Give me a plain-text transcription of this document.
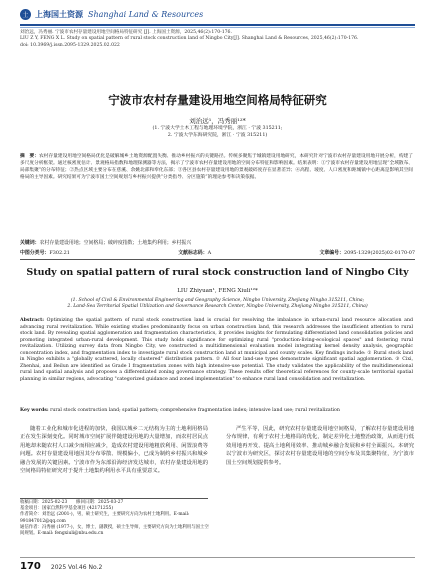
土 上海国土资源 Shanghai Land & Resources
刘治远，冯秀丽. 宁波市农村存量建设用地空间格局特征研究 [J]. 上海国土资源，2025,46(2):170-176.
LIU Z Y, FENG X L. Study on spatial pattern of rural stock construction land of Ningbo City[J]. Shanghai Land & Resources, 2025,46(2):170-176.
doi: 10.3969/j.issn.2095-1329.2025.02.022
宁波市农村存量建设用地空间格局特征研究
刘治远¹，冯秀丽¹²*
(1. 宁波大学土木工程与地理环境学院，浙江 · 宁波 315211;
2. 宁波大学东海研究院，浙江 · 宁波 315211)
摘　要：农村存量建设用地空间格局优化是破解城乡土地资源配置失衡、推动乡村振兴的关键路径。传统多聚焦于城镇建设用地研究，本研究针对宁波市农村存量建设用地开展分析，构建了多尺度分析框架。通过核密度估计、景观格局指数和地理探测器等方法，揭示了宁波市农村存量建设用地的空间分布特征和影响因素。结果表明：①宁波市农村存量建设用地呈现“全域散布、局部集聚”的分布特征；②热点区域主要分布在慈溪、余姚北部和奉化东部；③各区县农村存量建设用地的景观破碎度存在显著差异；④高程、坡度、人口密度和距城镇中心距离是影响其空间格局的主导因素。研究结果可为宁波市国土空间规划与乡村振兴提供“分类指导、分区施策”的理论参考和决策依据。
关键词：农村存量建设用地；空间格局；破碎度指数；土地集约利用；乡村振兴
中图分类号：F302.21	文献标志码：A	文章编号：2095-1329(2025)02-0170-07
Study on spatial pattern of rural stock construction land of Ningbo City
LIU Zhiyuan¹, FENG Xiuli¹²*
(1. School of Civil & Environmental Engineering and Geography Science, Ningbo University, Zhejiang Ningbo 315211, China;
2. Land-Sea Territorial Spatial Utilization and Governance Research Center, Ningbo University, Zhejiang Ningbo 315211, China)
Abstract: Optimizing the spatial pattern of rural stock construction land is crucial for resolving the imbalance in urban-rural land resource allocation and advancing rural revitalization. While existing studies predominantly focus on urban construction land, this research addresses the insufficient attention to rural stock land. By revealing spatial agglomeration and fragmentation characteristics, it provides insights for formulating differentiated land consolidation policies and promoting integrated urban-rural development. This study holds significance for optimizing rural "production-living-ecological spaces" and fostering rural revitalization. Utilizing survey data from Ningbo City, we constructed a multidimensional evaluation model integrating kernel density analysis, geographic concentration index, and fragmentation index to investigate rural stock construction land at municipal and county scales. Key findings include: ① Rural stock land in Ningbo exhibits a "globally scattered, locally clustered" distribution pattern. ② All four land-use types demonstrate significant spatial agglomeration. ③ Cixi, Zhenhai, and Beilun are identified as Grade Ⅰ fragmentation zones with high intensive-use potential. The study validates the applicability of the multidimensional rural land spatial analysis and proposes a differentiated zoning governance strategy. These results offer theoretical references for county-scale territorial spatial planning in similar regions, advocating "categorized guidance and zoned implementation" to enhance rural land consolidation and revitalization.
Key words: rural stock construction land; spatial pattern; comprehensive fragmentation index; intensive land use; rural revitalization
随着工业化和城市化进程的加快，我国以城乡二元结构为主的土地利用格局正在发生深刻变化。同时城市空间扩展伴随建设用地的大量增加，而农村居民点用地却未随农村人口减少而相应减少，造成农村建设用地粗放利用、闲置浪费等问题。农村存量建设用地因其分布零散、规模偏小，已成为制约乡村振兴和城乡融合发展的关键因素。宁波市作为东部沿海经济发达城市，农村存量建设用地的空间格局特征研究对于提升土地集约利用水平具有重要意义。
严生平等，因此，研究农村存量建设用地空间格局，了解农村存量建设用地分布规律，有利于农村土地格局的优化，制定差异化土地整治政策，从而进行低效用地再开发、提高土地利用效率、推动城乡融合发展和乡村全面振兴。本研究以宁波市为研究区，探讨农村存量建设用地的空间分布及其集聚特征，为宁波市国土空间规划提供参考。
收稿日期：2025-02-23　　修回日期：2025-03-27
基金项目：国家自然科学基金项目 (42171255)
作者简介：刘治远 (2001-)，男，硕士研究生，主要研究方向为农村土地利用。E-mail: 991847012@qq.com
通信作者：冯秀丽 (1977-)，女，博士，副教授，硕士生导师，主要研究方向为土地利用与国土空间规划。E-mail: fengxiuli@nbu.edu.cn
170 2025 Vol.46 No.2
